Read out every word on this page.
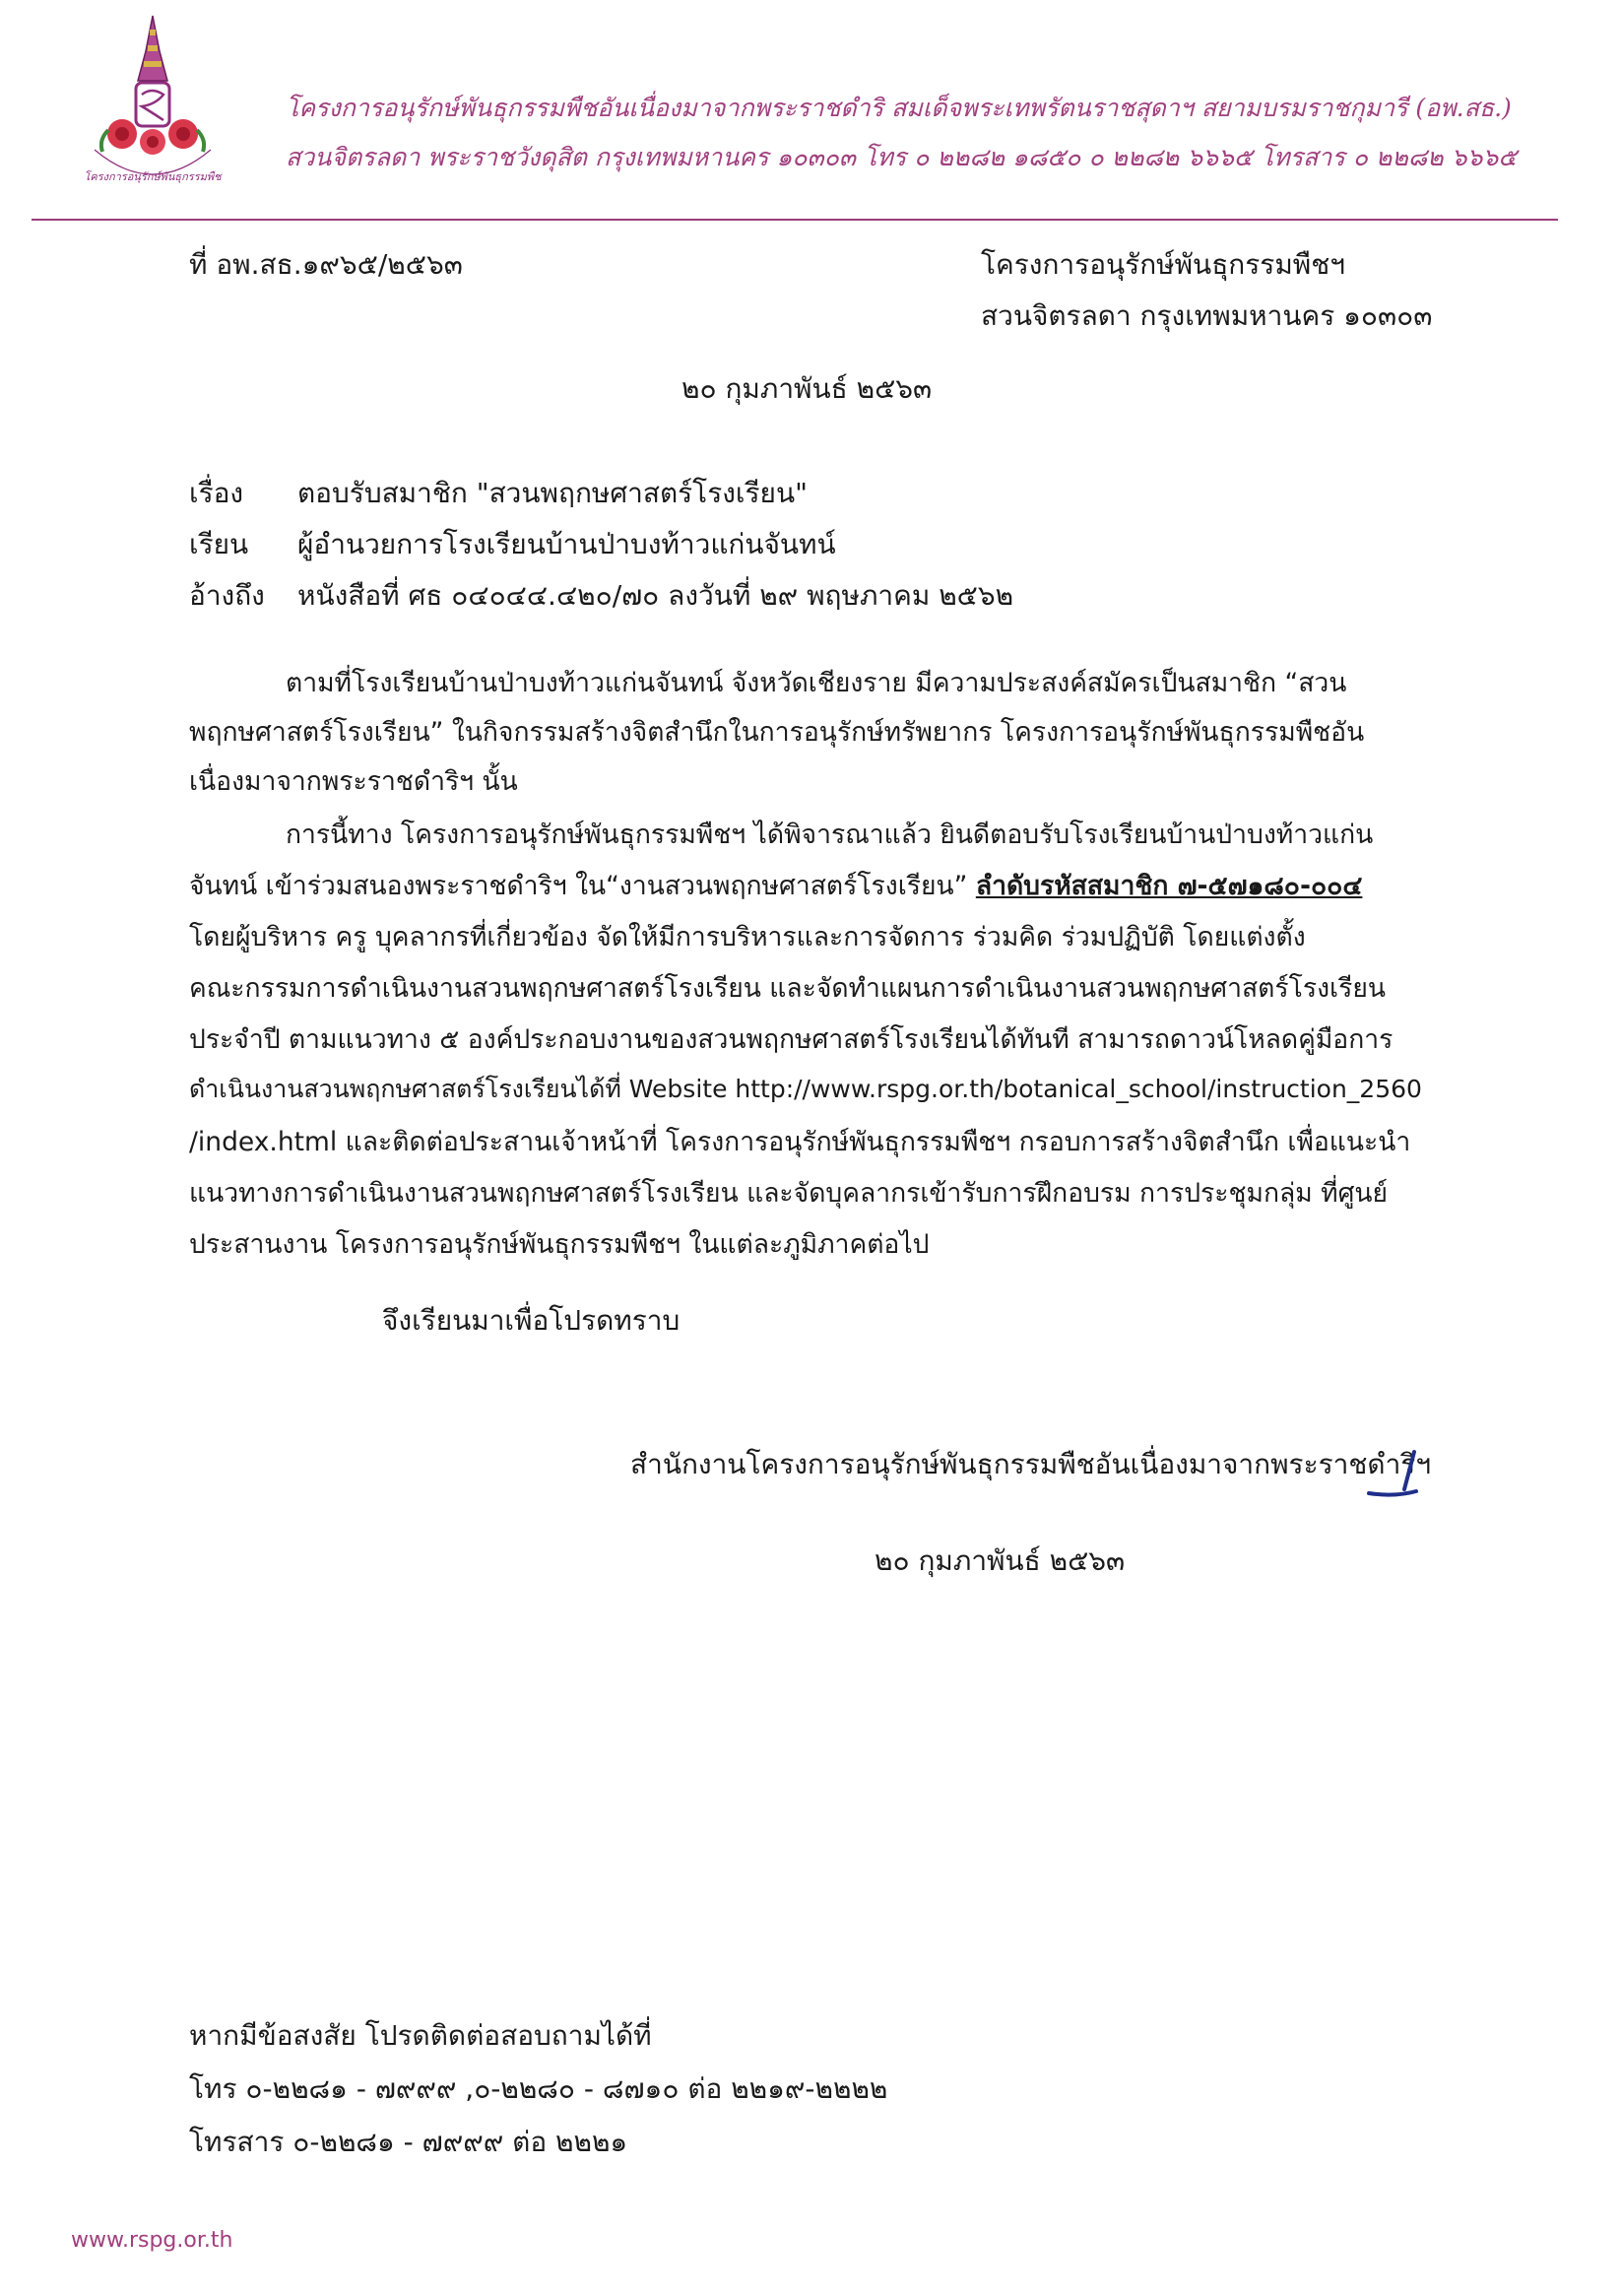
โครงการอนุรักษ์พันธุกรรมพืช
โครงการอนุรักษ์พันธุกรรมพืชอันเนื่องมาจากพระราชดำริ สมเด็จพระเทพรัตนราชสุดาฯ สยามบรมราชกุมารี (อพ.สธ.)
สวนจิตรลดา พระราชวังดุสิต กรุงเทพมหานคร ๑๐๓๐๓ โทร ๐ ๒๒๘๒ ๑๘๕๐ ๐ ๒๒๘๒ ๖๖๖๕ โทรสาร ๐ ๒๒๘๒ ๖๖๖๕
ที่ อพ.สธ.๑๙๖๕/๒๕๖๓	โครงการอนุรักษ์พันธุกรรมพืชฯ
สวนจิตรลดา กรุงเทพมหานคร ๑๐๓๐๓
๒๐ กุมภาพันธ์ ๒๕๖๓
เรื่อง	ตอบรับสมาชิก "สวนพฤกษศาสตร์โรงเรียน"
เรียน	ผู้อำนวยการโรงเรียนบ้านป่าบงท้าวแก่นจันทน์
อ้างถึง	หนังสือที่ ศธ ๐๔๐๔๔.๔๒๐/๗๐ ลงวันที่ ๒๙ พฤษภาคม ๒๕๖๒
ตามที่โรงเรียนบ้านป่าบงท้าวแก่นจันทน์ จังหวัดเชียงราย มีความประสงค์สมัครเป็นสมาชิก “สวน
พฤกษศาสตร์โรงเรียน” ในกิจกรรมสร้างจิตสำนึกในการอนุรักษ์ทรัพยากร โครงการอนุรักษ์พันธุกรรมพืชอัน
เนื่องมาจากพระราชดำริฯ นั้น
การนี้ทาง โครงการอนุรักษ์พันธุกรรมพืชฯ ได้พิจารณาแล้ว ยินดีตอบรับโรงเรียนบ้านป่าบงท้าวแก่น
จันทน์ เข้าร่วมสนองพระราชดำริฯ ใน“งานสวนพฤกษศาสตร์โรงเรียน” ลำดับรหัสสมาชิก ๗-๕๗๑๘๐-๐๐๔
โดยผู้บริหาร ครู บุคลากรที่เกี่ยวข้อง จัดให้มีการบริหารและการจัดการ ร่วมคิด ร่วมปฏิบัติ โดยแต่งตั้ง
คณะกรรมการดำเนินงานสวนพฤกษศาสตร์โรงเรียน และจัดทำแผนการดำเนินงานสวนพฤกษศาสตร์โรงเรียน
ประจำปี ตามแนวทาง ๕ องค์ประกอบงานของสวนพฤกษศาสตร์โรงเรียนได้ทันที สามารถดาวน์โหลดคู่มือการ
ดำเนินงานสวนพฤกษศาสตร์โรงเรียนได้ที่ Website http://www.rspg.or.th/botanical_school/instruction_2560
/index.html และติดต่อประสานเจ้าหน้าที่ โครงการอนุรักษ์พันธุกรรมพืชฯ กรอบการสร้างจิตสำนึก เพื่อแนะนำ
แนวทางการดำเนินงานสวนพฤกษศาสตร์โรงเรียน และจัดบุคลากรเข้ารับการฝึกอบรม การประชุมกลุ่ม ที่ศูนย์
ประสานงาน โครงการอนุรักษ์พันธุกรรมพืชฯ ในแต่ละภูมิภาคต่อไป
จึงเรียนมาเพื่อโปรดทราบ
สำนักงานโครงการอนุรักษ์พันธุกรรมพืชอันเนื่องมาจากพระราชดำริฯ
๒๐ กุมภาพันธ์ ๒๕๖๓
หากมีข้อสงสัย โปรดติดต่อสอบถามได้ที่
โทร ๐-๒๒๘๑ - ๗๙๙๙ ,๐-๒๒๘๐ - ๘๗๑๐ ต่อ ๒๒๑๙-๒๒๒๒
โทรสาร ๐-๒๒๘๑ - ๗๙๙๙ ต่อ ๒๒๒๑
www.rspg.or.th
